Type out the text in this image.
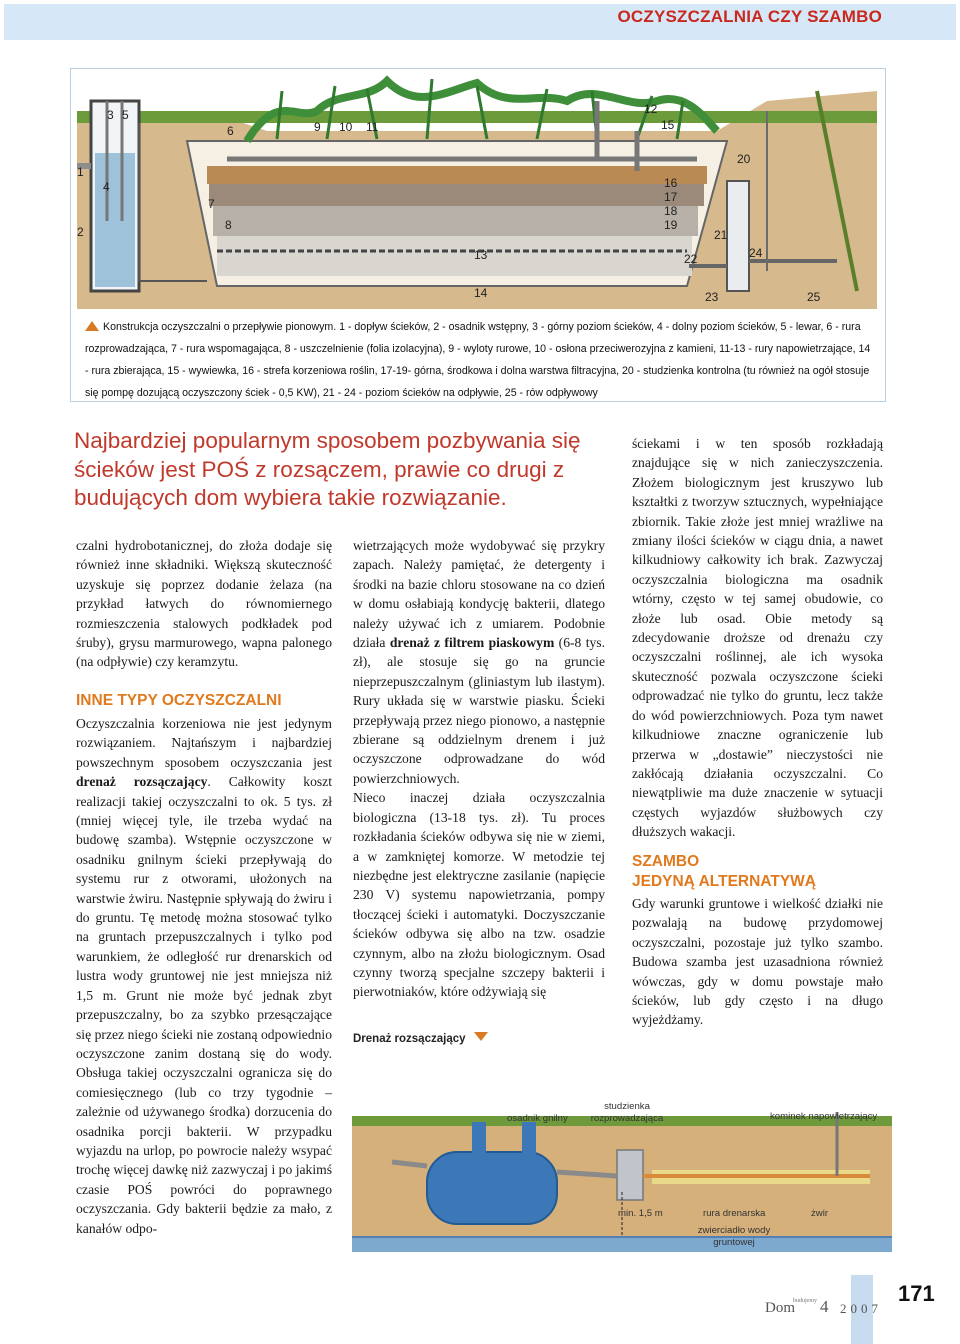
OCZYSZCZALNIA CZY SZAMBO
1
2
3 5
4
6
7
8
9 10 11
12
15
16
17
18
19
20
21
22	24
13
14	23	25
Konstrukcja oczyszczalni o przepływie pionowym. 1 - dopływ ścieków, 2 - osadnik wstępny, 3 - górny poziom ścieków, 4 - dolny poziom ścieków, 5 - lewar, 6 - rura rozprowadzająca, 7 - rura wspomagająca, 8 - uszczelnienie (folia izolacyjna), 9 - wyloty rurowe, 10 - osłona przeciwerozyjna z kamieni, 11-13 - rury napowietrzające, 14 - rura zbierająca, 15 - wywiewka, 16 - strefa korzeniowa roślin, 17-19- górna, środkowa i dolna warstwa filtracyjna, 20 - studzienka kontrolna (tu również na ogół stosuje się pompę dozującą oczyszczony ściek - 0,5 KW), 21 - 24 - poziom ścieków na odpływie, 25 - rów odpływowy
Najbardziej popularnym sposobem pozbywania się ścieków jest POŚ z rozsączem, prawie co drugi z budujących dom wybiera takie rozwiązanie.

czalni hydrobotanicznej, do złoża dodaje się również inne składniki. Większą skuteczność uzyskuje się poprzez dodanie żelaza (na przykład łatwych do równomiernego rozmieszczenia stalowych podkładek pod śruby), grysu marmurowego, wapna palonego (na odpływie) czy keramzytu.

INNE TYPY OCZYSZCZALNI

Oczyszczalnia korzeniowa nie jest jedynym rozwiązaniem. Najtańszym i najbardziej powszechnym sposobem oczyszczania jest drenaż rozsączający. Całkowity koszt realizacji takiej oczyszczalni to ok. 5 tys. zł (mniej więcej tyle, ile trzeba wydać na budowę szamba). Wstępnie oczyszczone w osadniku gnilnym ścieki przepływają do systemu rur z otworami, ułożonych na warstwie żwiru. Następnie spływają do żwiru i do gruntu. Tę metodę można stosować tylko na gruntach przepuszczalnych i tylko pod warunkiem, że odległość rur drenarskich od lustra wody gruntowej nie jest mniejsza niż 1,5 m. Grunt nie może być jednak zbyt przepuszczalny, bo za szybko przesączające się przez niego ścieki nie zostaną odpowiednio oczyszczone zanim dostaną się do wody. Obsługa takiej oczyszczalni ogranicza się do comiesięcznego (lub co trzy tygodnie – zależnie od używanego środka) dorzucenia do osadnika porcji bakterii. W przypadku wyjazdu na urlop, po powrocie należy wsypać trochę więcej dawkę niż zazwyczaj i po jakimś czasie POŚ powróci do poprawnego oczyszczania. Gdy bakterii będzie za mało, z kanałów odpo-

wietrzających może wydobywać się przykry zapach. Należy pamiętać, że detergenty i środki na bazie chloru stosowane na co dzień w domu osłabiają kondycję bakterii, dlatego należy używać ich z umiarem. Podobnie działa drenaż z filtrem piaskowym (6-8 tys. zł), ale stosuje się go na gruncie nieprzepuszczalnym (gliniastym lub ilastym). Rury układa się w warstwie piasku. Ścieki przepływają przez niego pionowo, a następnie zbierane są oddzielnym drenem i już oczyszczone odprowadzane do wód powierzchniowych.

Nieco inaczej działa oczyszczalnia biologiczna (13-18 tys. zł). Tu proces rozkładania ścieków odbywa się nie w ziemi, a w zamkniętej komorze. W metodzie tej niezbędne jest elektryczne zasilanie (napięcie 230 V) systemu napowietrzania, pompy tłoczącej ścieki i automatyki. Doczyszczanie ścieków odbywa się albo na tzw. osadzie czynnym, albo na złożu biologicznym. Osad czynny tworzą specjalne szczepy bakterii i pierwotniaków, które odżywiają się

ściekami i w ten sposób rozkładają znajdujące się w nich zanieczyszczenia. Złożem biologicznym jest kruszywo lub kształtki z tworzyw sztucznych, wypełniające zbiornik. Takie złoże jest mniej wrażliwe na zmiany ilości ścieków w ciągu dnia, a nawet kilkudniowy całkowity ich brak. Zazwyczaj oczyszczalnia biologiczna ma osadnik wtórny, często w tej samej obudowie, co złoże lub osad. Obie metody są zdecydowanie droższe od drenażu czy oczyszczalni roślinnej, ale ich wysoka skuteczność pozwala oczyszczone ścieki odprowadzać nie tylko do gruntu, lecz także do wód powierzchniowych. Poza tym nawet kilkudniowe znaczne ograniczenie lub przerwa w „dostawie” nieczystości nie zakłócają działania oczyszczalni. Co niewątpliwie ma duże znaczenie w sytuacji częstych wyjazdów służbowych czy dłuższych wakacji.

SZAMBO
JEDYNĄ ALTERNATYWĄ

Gdy warunki gruntowe i wielkość działki nie pozwalają na budowę przydomowej oczyszczalni, pozostaje już tylko szambo. Budowa szamba jest uzasadniona również wówczas, gdy w domu powstaje mało ścieków, lub gdy często i na długo wyjeżdżamy.

Drenaż rozsączający
osadnik gnilny
studzienka rozprowadzająca	kominek napowietrzający
min. 1,5 m	rura drenarska	żwir
zwierciadło wody gruntowej
Dom$^{budujemy}$ 4 2007
171
